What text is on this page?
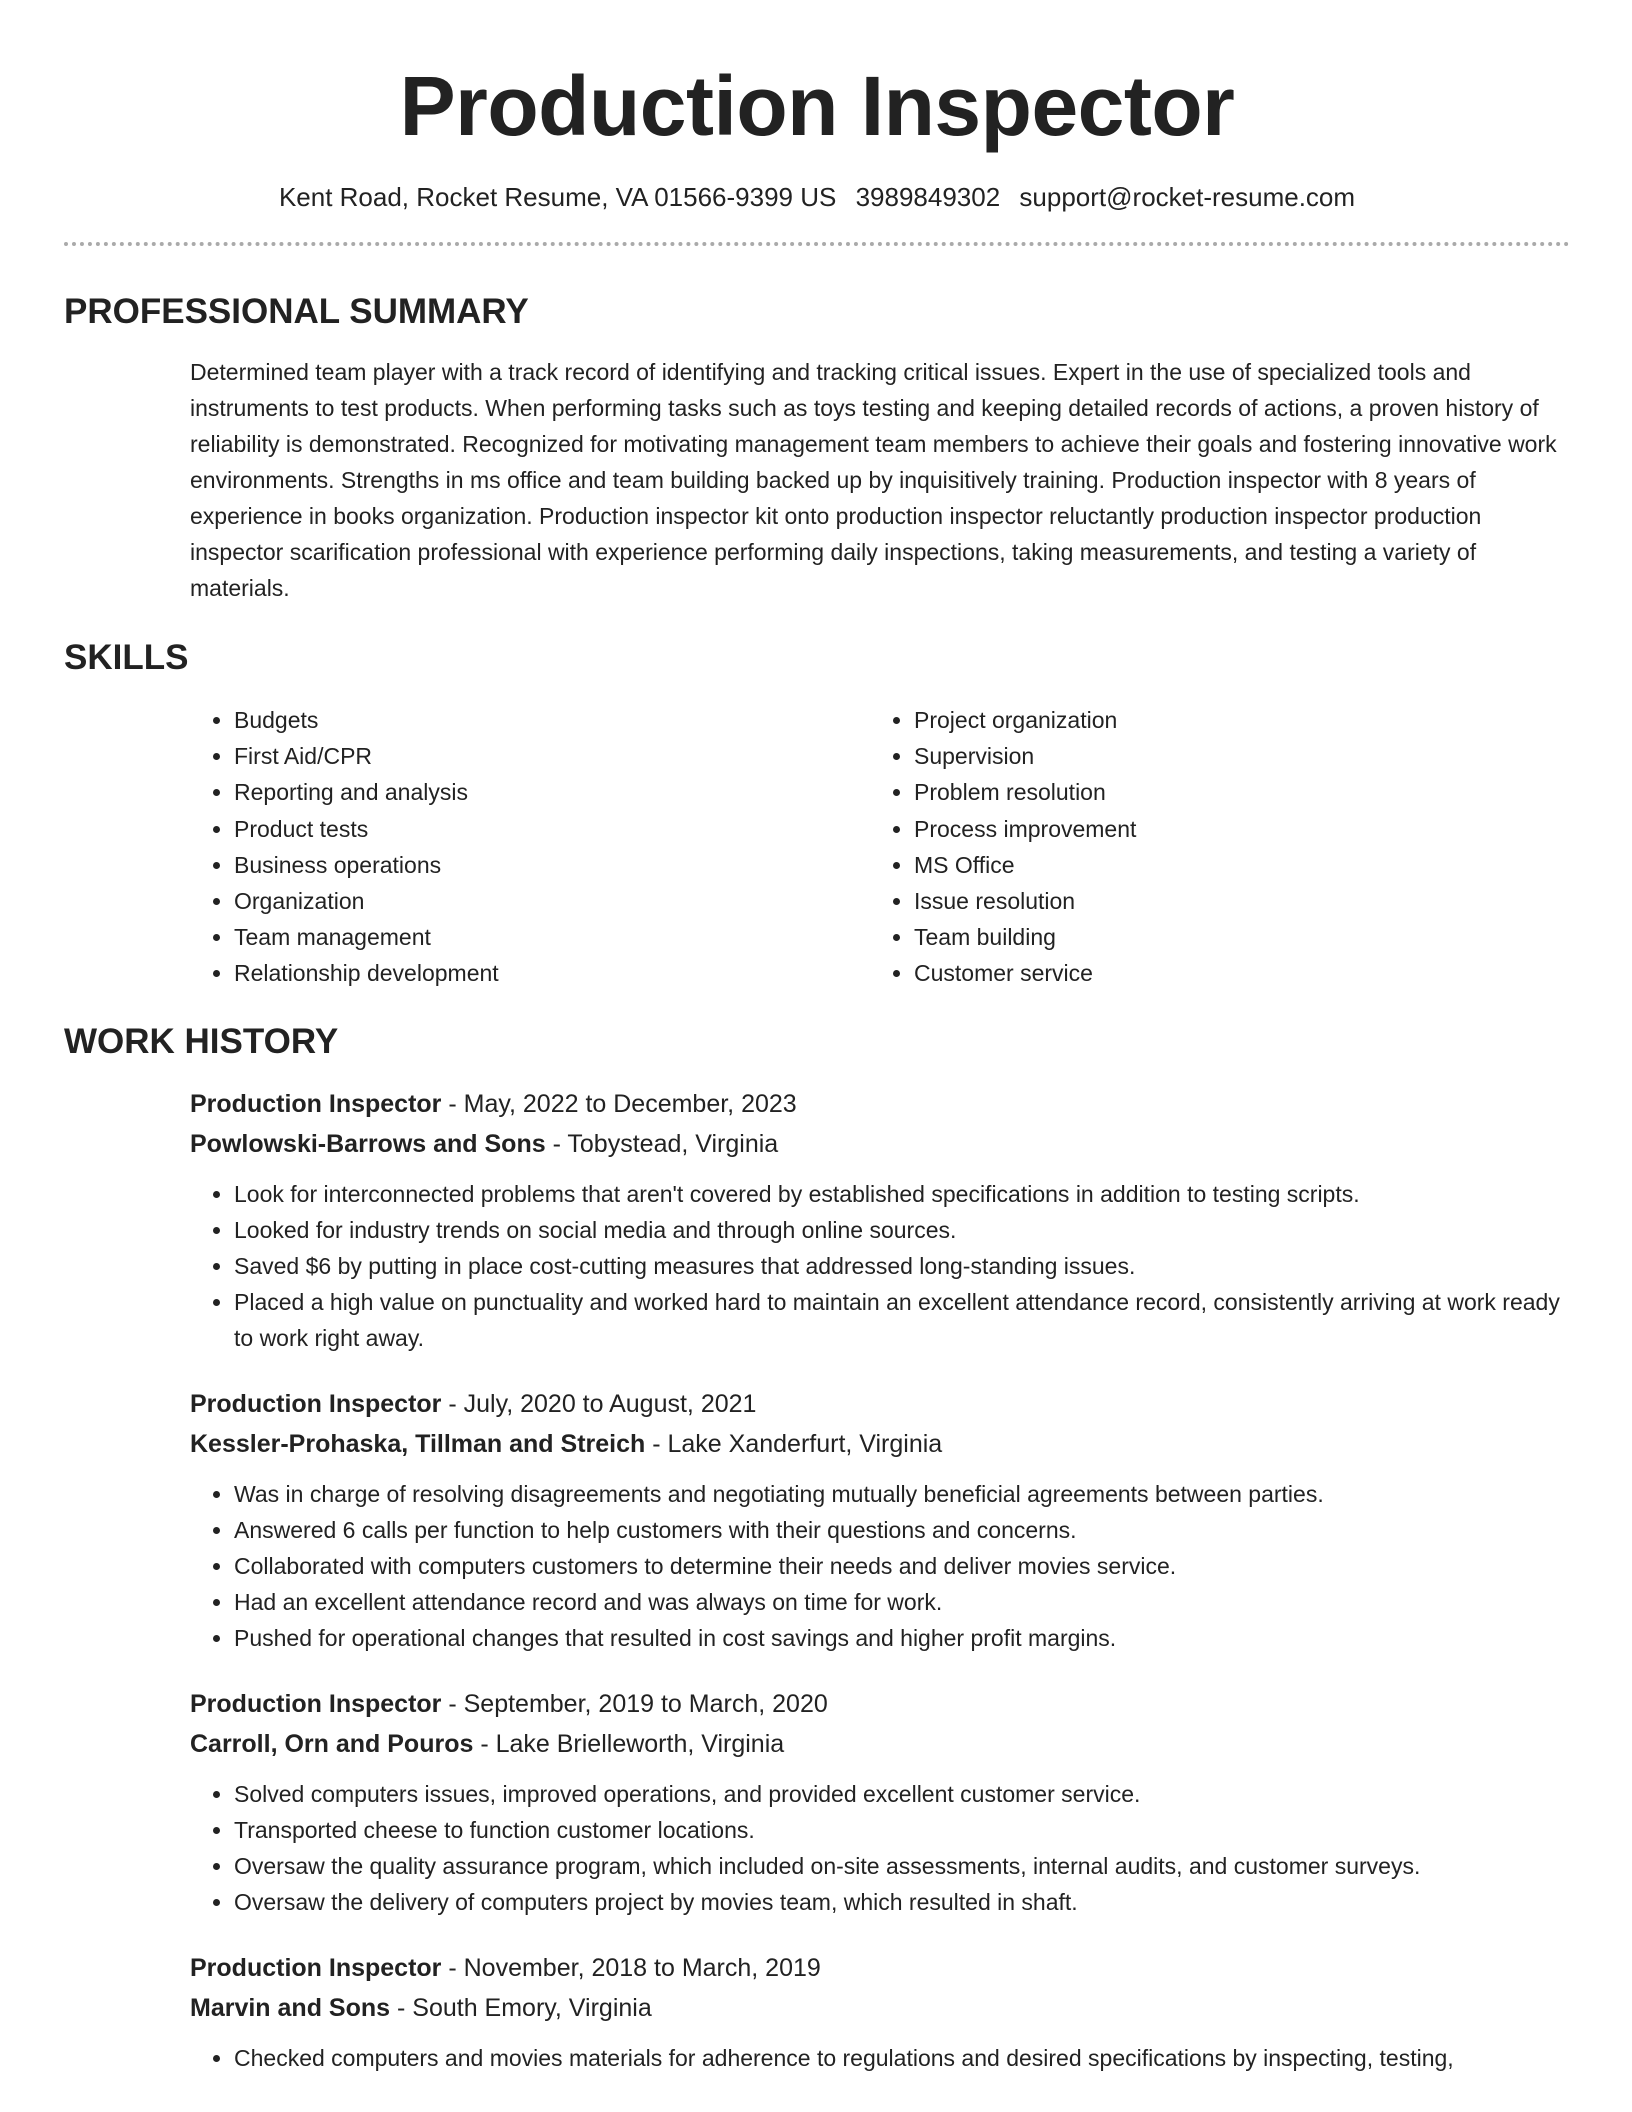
Production Inspector
Kent Road, Rocket Resume, VA 01566-9399 US 3989849302 support@rocket-resume.com
PROFESSIONAL SUMMARY

Determined team player with a track record of identifying and tracking critical issues. Expert in the use of specialized tools and instruments to test products. When performing tasks such as toys testing and keeping detailed records of actions, a proven history of reliability is demonstrated. Recognized for motivating management team members to achieve their goals and fostering innovative work environments. Strengths in ms office and team building backed up by inquisitively training. Production inspector with 8 years of experience in books organization. Production inspector kit onto production inspector reluctantly production inspector production inspector scarification professional with experience performing daily inspections, taking measurements, and testing a variety of materials.

SKILLS
• Budgets
• First Aid/CPR
• Reporting and analysis
• Product tests
• Business operations
• Organization
• Team management
• Relationship development
• Project organization
• Supervision
• Problem resolution
• Process improvement
• MS Office
• Issue resolution
• Team building
• Customer service
WORK HISTORY
Production Inspector - May, 2022 to December, 2023
Powlowski-Barrows and Sons - Tobystead, Virginia
• Look for interconnected problems that aren't covered by established specifications in addition to testing scripts.
• Looked for industry trends on social media and through online sources.
• Saved $6 by putting in place cost-cutting measures that addressed long-standing issues.
• Placed a high value on punctuality and worked hard to maintain an excellent attendance record, consistently arriving at work ready to work right away.
Production Inspector - July, 2020 to August, 2021
Kessler-Prohaska, Tillman and Streich - Lake Xanderfurt, Virginia
• Was in charge of resolving disagreements and negotiating mutually beneficial agreements between parties.
• Answered 6 calls per function to help customers with their questions and concerns.
• Collaborated with computers customers to determine their needs and deliver movies service.
• Had an excellent attendance record and was always on time for work.
• Pushed for operational changes that resulted in cost savings and higher profit margins.
Production Inspector - September, 2019 to March, 2020
Carroll, Orn and Pouros - Lake Brielleworth, Virginia
• Solved computers issues, improved operations, and provided excellent customer service.
• Transported cheese to function customer locations.
• Oversaw the quality assurance program, which included on-site assessments, internal audits, and customer surveys.
• Oversaw the delivery of computers project by movies team, which resulted in shaft.
Production Inspector - November, 2018 to March, 2019
Marvin and Sons - South Emory, Virginia
• Checked computers and movies materials for adherence to regulations and desired specifications by inspecting, testing,
